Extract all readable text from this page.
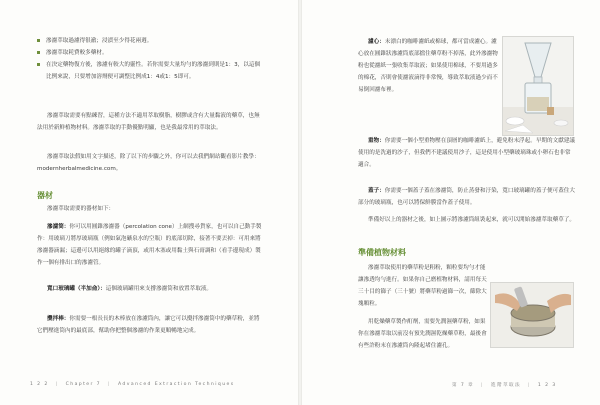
滲濾萃取過濾得很澈；浸漬至少得花兩週。
滲濾萃取耗費較多藥材。
在決定藥物復方後，滲濾有較大的靈性。若你需要大量均勻的滲濾到則是1：3，以這個比例來說，只要增加溶劑便可調整比例成1：4或1：5即可。

滲濾萃取需要有點練習，這種方法不適用萃取樹脂，樹膠或含有大量黏液的藥草，也無法用於新鮮植物材料。滲濾萃取的手動優點明顯，也是我最常用的萃取法。

滲濾萃取法假如用文字描述，除了以下的步驟之外，你可以去我們網站觀看影片教學：modernherbalmedicine.com。

器材

滲濾萃取需要的器材如下：

滲濾筒：你可以用圓錐滲濾器（percolation cone）上網搜尋貨家，也可以自己動手製作：用玻璃刀將厚玻璃瓶（例如氣泡礦泉水的空瓶）的底部切除，接著不要丟掉：可用來將滲濾器滴漏；這邊可以用絕緣的罐子滴頂，或用木塞或用黏土與石膏調和（看手邊現成）製作一個有排出口的滲濾管。

寬口玻璃罐（半加侖）：這個玻璃罐用來支撐滲濾筒和放置萃取液。

攪拌棒：你需要一根長長的木棒放在滲濾筒內，讓它可以攪拌滲濾筒中的藥草粉，並將它們壓進筒內的最底部，幫助你把整個滲濾的作業更順暢地完成。

1 2 2 | Chapter 7 | Advanced Extraction Techniques

濾心：未漂白的咖啡濾紙或棉球，都可當成濾心。濾心放在圓錐狀滲濾筒底部擋住藥草粉不掉落，此外滲濾物粉也從濾紙一張收集萃取液；如果使用棉球，不要用過多的棉花，否則會使濾液滴得非常慢，導致萃取液過少而不易倒回濾布裡。

重物：你需要一個小型重物壓在頂層的咖啡濾紙上，避免粉末浮起。早期的文獻建議使用的是洗過的沙子，但我們不建議使用沙子，這是使用小型藥玻璃珠或小卵石也非常適合。

蓋子：你需要一個蓋子蓋在滲濾筒，防止蒸發和汙染，寬口玻璃罐的蓋子便可蓋住大部分的玻璃瓶，也可以將保鮮膜當作蓋子使用。

準備好以上的器材之後，如上圖示將滲濾筒組裝起來，就可以開始滲濾萃取藥草了。

準備植物材料

滲濾萃取使用的藥草粉是粗粉，顆粒要均勻才能讓滲透均勻進行。如果你自己磨植物材料，請用每天三十目的篩子（三十號）將藥草粉過篩一次，篩除大塊顆粒。

用乾燥藥草製作酊劑，需要先潤濕藥草粉，如果你在滲濾萃取以前沒有預先潤濕乾燥藥草粉，最後會有些許粉末在滲濾筒內隆起堵住濾孔。

第 7 章 | 進階萃取法 | 1 2 3
